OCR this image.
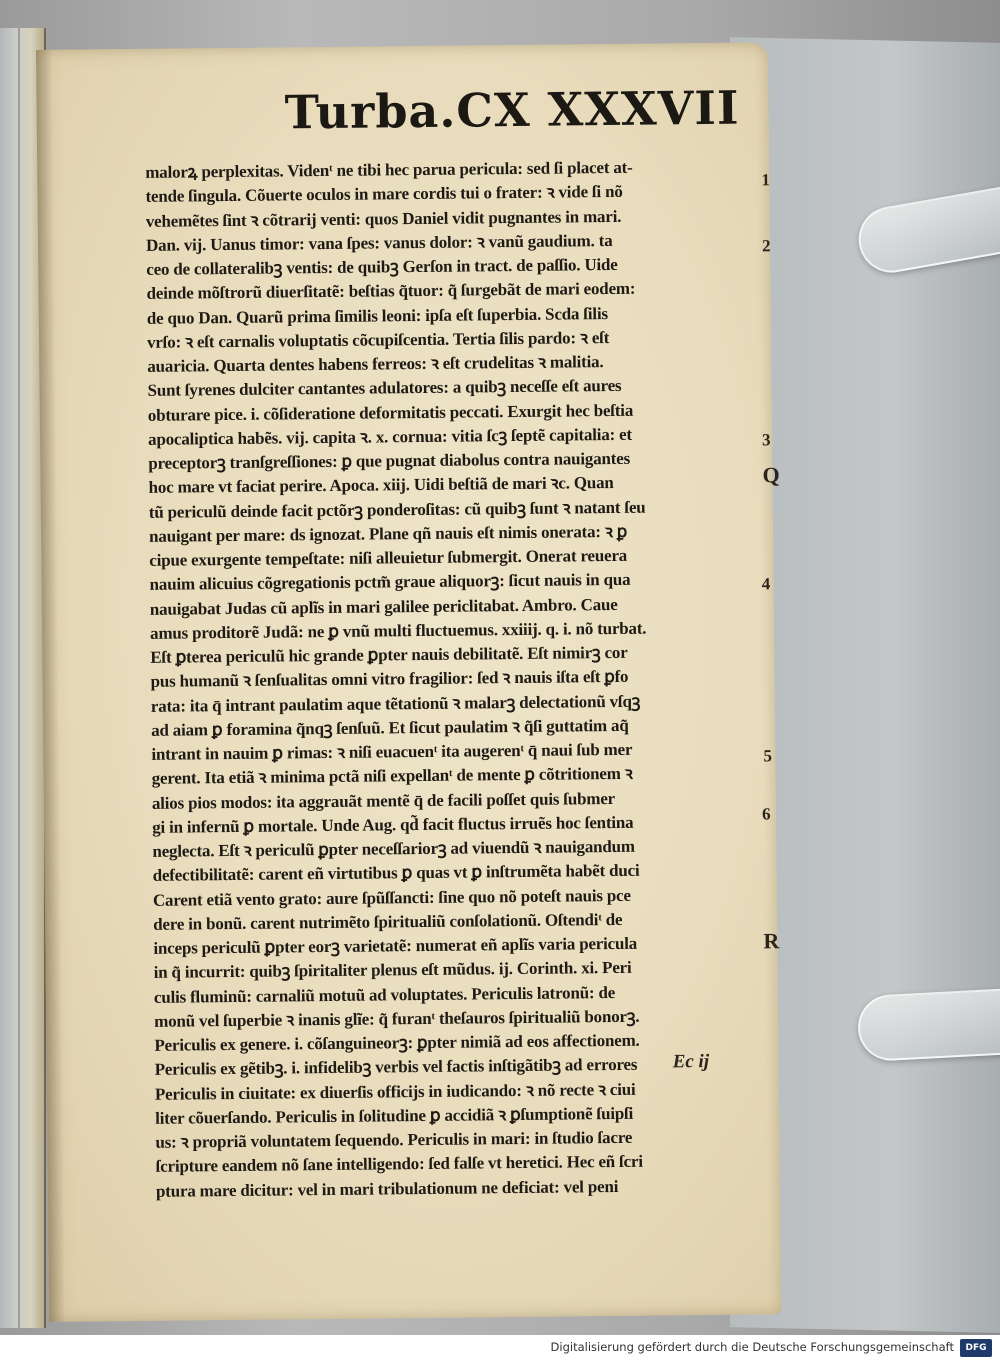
Turba.CX XXXVII
malorꝝ perplexitas. Videnᵗ ne tibi hec parua pericula: sed ſi placet at-
tende ſingula. Cõuerte oculos in mare cordis tui o frater: ꝛ vide ſi nõ
vehemẽtes ſint ꝛ cõtrarij venti: quos Daniel vidit pugnantes in mari.
Dan. vij. Uanus timor: vana ſpes: vanus dolor: ꝛ vanũ gaudium. ta
ceo de collateralibꝫ ventis: de quibꝫ Gerſon in tract. de paſſio. Uide
deinde mõſtrorũ diuerſitatẽ: beſtias q̃tuor: q̃ ſurgebãt de mari eodem:
de quo Dan. Quarũ prima ſimilis leoni: ipſa eſt ſuperbia. Scda ſilis
vrſo: ꝛ eſt carnalis voluptatis cõcupiſcentia. Tertia ſilis pardo: ꝛ eſt
auaricia. Quarta dentes habens ferreos: ꝛ eſt crudelitas ꝛ malitia.
Sunt ſyrenes dulciter cantantes adulatores: a quibꝫ neceſſe eſt aures
obturare pice. i. cõſideratione deformitatis peccati. Exurgit hec beſtia
apocaliptica habẽs. vij. capita ꝛ. x. cornua: vitia ſcꝫ ſeptẽ capitalia: et
preceptorꝫ tranſgreſſiones: ꝑ que pugnat diabolus contra nauigantes
hoc mare vt faciat perire. Apoca. xiij. Uidi beſtiã de mari ꝛc. Quan
tũ periculũ deinde facit pctõrꝫ ponderoſitas: cũ quibꝫ ſunt ꝛ natant ſeu
nauigant per mare: ds ignozat. Plane qñ nauis eſt nimis onerata: ꝛ ꝑ
cipue exurgente tempeſtate: niſi alleuietur ſubmergit. Onerat reuera
nauim alicuius cõgregationis pctm̃ graue aliquorꝫ: ſicut nauis in qua
nauigabat Judas cũ aplĩs in mari galilee periclitabat. Ambro. Caue
amus proditorẽ Judã: ne ꝑ vnũ multi fluctuemus. xxiiij. q. i. nõ turbat.
Eſt ꝑterea periculũ hic grande ꝑpter nauis debilitatẽ. Eſt nimirꝫ cor
pus humanũ ꝛ ſenſualitas omni vitro fragilior: ſed ꝛ nauis iſta eſt ꝑfo
rata: ita q̄ intrant paulatim aque tẽtationũ ꝛ malarꝫ delectationũ vſqꝫ
ad aiam ꝑ foramina q̃nqꝫ ſenſuũ. Et ſicut paulatim ꝛ q̃ſi guttatim aq̃
intrant in nauim ꝑ rimas: ꝛ niſi euacuenᵗ ita augerenᵗ q̄ naui ſub mer
gerent. Ita etiã ꝛ minima pctã niſi expellanᵗ de mente ꝑ cõtritionem ꝛ
alios pios modos: ita aggrauãt mentẽ q̄ de facili poſſet quis ſubmer
gi in infernũ ꝑ mortale. Unde Aug. qd̃ facit fluctus irruẽs hoc ſentina
neglecta. Eſt ꝛ periculũ ꝑpter neceſſariorꝫ ad viuendũ ꝛ nauigandum
defectibilitatẽ: carent eñ virtutibus ꝑ quas vt ꝑ inſtrumẽta habẽt duci
Carent etiã vento grato: aure ſpũſſancti: ſine quo nõ poteſt nauis pce
dere in bonũ. carent nutrimẽto ſpiritualiũ conſolationũ. Oſtendiᵗ de
inceps periculũ ꝑpter eorꝫ varietatẽ: numerat eñ aplĩs varia pericula
in q̃ incurrit: quibꝫ ſpiritaliter plenus eſt mũdus. ij. Corinth. xi. Peri
culis fluminũ: carnaliũ motuũ ad voluptates. Periculis latronũ: de
monũ vel ſuperbie ꝛ inanis glĩe: q̃ furanᵗ theſauros ſpiritualiũ bonorꝫ.
Periculis ex genere. i. cõſanguineorꝫ: ꝑpter nimiã ad eos affectionem.
Periculis ex gẽtibꝫ. i. infidelibꝫ verbis vel factis inſtigãtibꝫ ad errores
Periculis in ciuitate: ex diuerſis officijs in iudicando: ꝛ nõ recte ꝛ ciui
liter cõuerſando. Periculis in ſolitudine ꝑ accidiã ꝛ ꝑſumptionẽ ſuipſi
us: ꝛ propriã voluntatem ſequendo. Periculis in mari: in ſtudio ſacre
ſcripture eandem nõ ſane intelligendo: ſed falſe vt heretici. Hec eñ ſcri
ptura mare dicitur: vel in mari tribulationum ne deficiat: vel peni
Ec ij
1
2
3
Q
4
5
6
R
Digitalisierung gefördert durch die Deutsche Forschungsgemeinschaft	DFG
